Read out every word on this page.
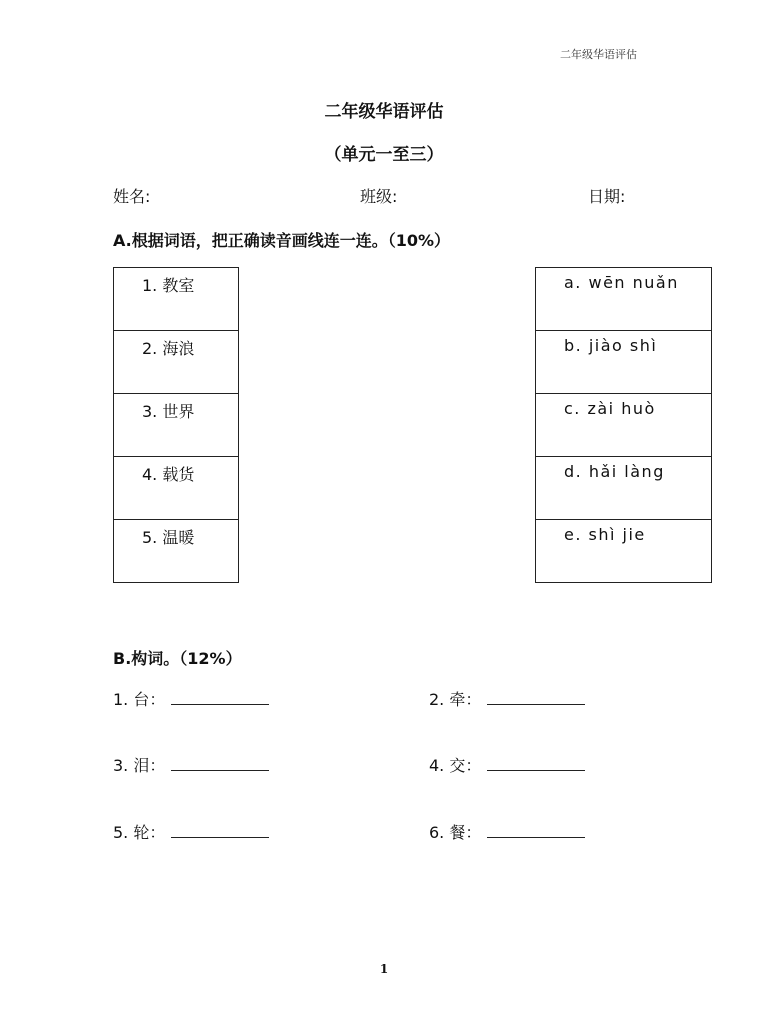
二年级华语评估
二年级华语评估
（单元一至三）
姓名:	班级:	日期:
A.根据词语，把正确读音画线连一连。（10%）
1. 教室
2. 海浪
3. 世界
4. 载货
5. 温暖
a. wēn nuǎn
b. jiào shì
c. zài huò
d. hǎi làng
e. shì jie
B.构词。（12%）
1. 台：	2. 牵：
3. 泪：	4. 交：
5. 轮：	6. 餐：
1
